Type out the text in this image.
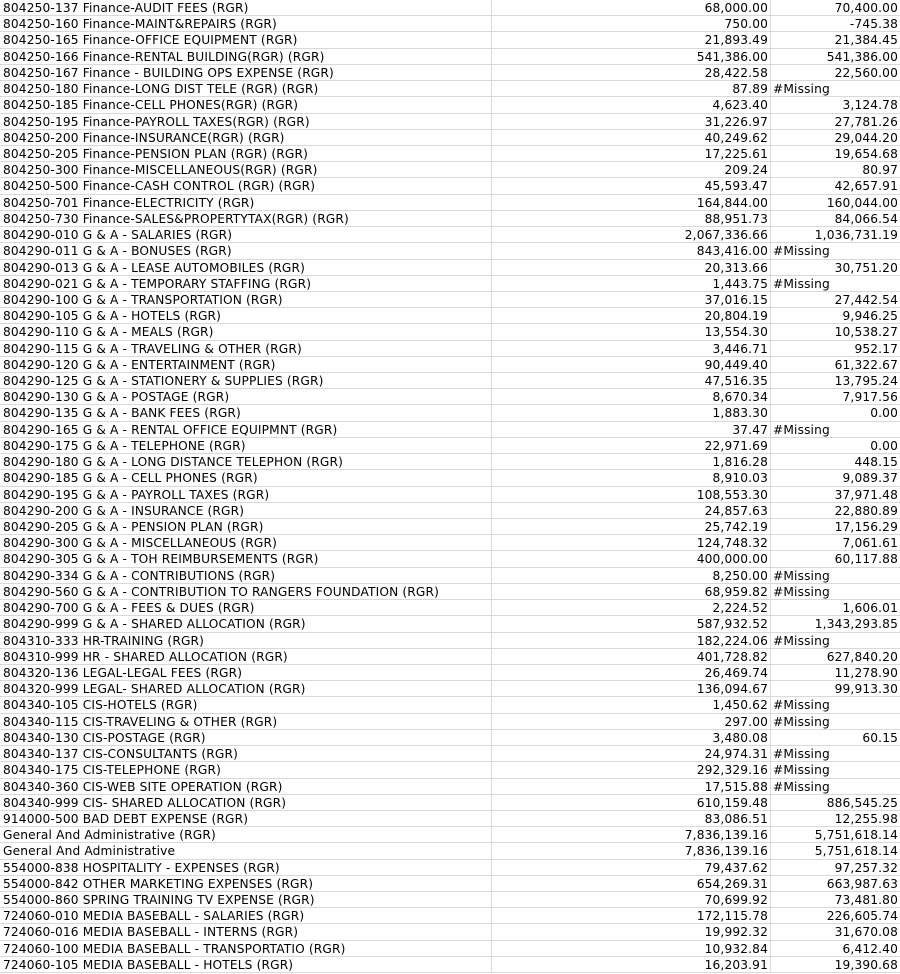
804250-137 Finance-AUDIT FEES (RGR)	68,000.00	70,400.00
804250-160 Finance-MAINT&REPAIRS (RGR)	750.00	-745.38
804250-165 Finance-OFFICE EQUIPMENT (RGR)	21,893.49	21,384.45
804250-166 Finance-RENTAL BUILDING(RGR) (RGR)	541,386.00	541,386.00
804250-167 Finance - BUILDING OPS EXPENSE (RGR)	28,422.58	22,560.00
804250-180 Finance-LONG DIST TELE (RGR) (RGR)	87.89 #Missing
804250-185 Finance-CELL PHONES(RGR) (RGR)	4,623.40	3,124.78
804250-195 Finance-PAYROLL TAXES(RGR) (RGR)	31,226.97	27,781.26
804250-200 Finance-INSURANCE(RGR) (RGR)	40,249.62	29,044.20
804250-205 Finance-PENSION PLAN (RGR) (RGR)	17,225.61	19,654.68
804250-300 Finance-MISCELLANEOUS(RGR) (RGR)	209.24	80.97
804250-500 Finance-CASH CONTROL (RGR) (RGR)	45,593.47	42,657.91
804250-701 Finance-ELECTRICITY (RGR)	164,844.00	160,044.00
804250-730 Finance-SALES&PROPERTYTAX(RGR) (RGR)	88,951.73	84,066.54
804290-010 G & A - SALARIES (RGR)	2,067,336.66	1,036,731.19
804290-011 G & A - BONUSES (RGR)	843,416.00 #Missing
804290-013 G & A - LEASE AUTOMOBILES (RGR)	20,313.66	30,751.20
804290-021 G & A - TEMPORARY STAFFING (RGR)	1,443.75 #Missing
804290-100 G & A - TRANSPORTATION (RGR)	37,016.15	27,442.54
804290-105 G & A - HOTELS (RGR)	20,804.19	9,946.25
804290-110 G & A - MEALS (RGR)	13,554.30	10,538.27
804290-115 G & A - TRAVELING & OTHER (RGR)	3,446.71	952.17
804290-120 G & A - ENTERTAINMENT (RGR)	90,449.40	61,322.67
804290-125 G & A - STATIONERY & SUPPLIES (RGR)	47,516.35	13,795.24
804290-130 G & A - POSTAGE (RGR)	8,670.34	7,917.56
804290-135 G & A - BANK FEES (RGR)	1,883.30	0.00
804290-165 G & A - RENTAL OFFICE EQUIPMNT (RGR)	37.47 #Missing
804290-175 G & A - TELEPHONE (RGR)	22,971.69	0.00
804290-180 G & A - LONG DISTANCE TELEPHON (RGR)	1,816.28	448.15
804290-185 G & A - CELL PHONES (RGR)	8,910.03	9,089.37
804290-195 G & A - PAYROLL TAXES (RGR)	108,553.30	37,971.48
804290-200 G & A - INSURANCE (RGR)	24,857.63	22,880.89
804290-205 G & A - PENSION PLAN (RGR)	25,742.19	17,156.29
804290-300 G & A - MISCELLANEOUS (RGR)	124,748.32	7,061.61
804290-305 G & A - TOH REIMBURSEMENTS (RGR)	400,000.00	60,117.88
804290-334 G & A - CONTRIBUTIONS (RGR)	8,250.00 #Missing
804290-560 G & A - CONTRIBUTION TO RANGERS FOUNDATION (RGR)	68,959.82 #Missing
804290-700 G & A - FEES & DUES (RGR)	2,224.52	1,606.01
804290-999 G & A - SHARED ALLOCATION (RGR)	587,932.52	1,343,293.85
804310-333 HR-TRAINING (RGR)	182,224.06 #Missing
804310-999 HR - SHARED ALLOCATION (RGR)	401,728.82	627,840.20
804320-136 LEGAL-LEGAL FEES (RGR)	26,469.74	11,278.90
804320-999 LEGAL- SHARED ALLOCATION (RGR)	136,094.67	99,913.30
804340-105 CIS-HOTELS (RGR)	1,450.62 #Missing
804340-115 CIS-TRAVELING & OTHER (RGR)	297.00 #Missing
804340-130 CIS-POSTAGE (RGR)	3,480.08	60.15
804340-137 CIS-CONSULTANTS (RGR)	24,974.31 #Missing
804340-175 CIS-TELEPHONE (RGR)	292,329.16 #Missing
804340-360 CIS-WEB SITE OPERATION (RGR)	17,515.88 #Missing
804340-999 CIS- SHARED ALLOCATION (RGR)	610,159.48	886,545.25
914000-500 BAD DEBT EXPENSE (RGR)	83,086.51	12,255.98
General And Administrative (RGR)	7,836,139.16	5,751,618.14
General And Administrative	7,836,139.16	5,751,618.14
554000-838 HOSPITALITY - EXPENSES (RGR)	79,437.62	97,257.32
554000-842 OTHER MARKETING EXPENSES (RGR)	654,269.31	663,987.63
554000-860 SPRING TRAINING TV EXPENSE (RGR)	70,699.92	73,481.80
724060-010 MEDIA BASEBALL - SALARIES (RGR)	172,115.78	226,605.74
724060-016 MEDIA BASEBALL - INTERNS (RGR)	19,992.32	31,670.08
724060-100 MEDIA BASEBALL - TRANSPORTATIO (RGR)	10,932.84	6,412.40
724060-105 MEDIA BASEBALL - HOTELS (RGR)	16,203.91	19,390.68
